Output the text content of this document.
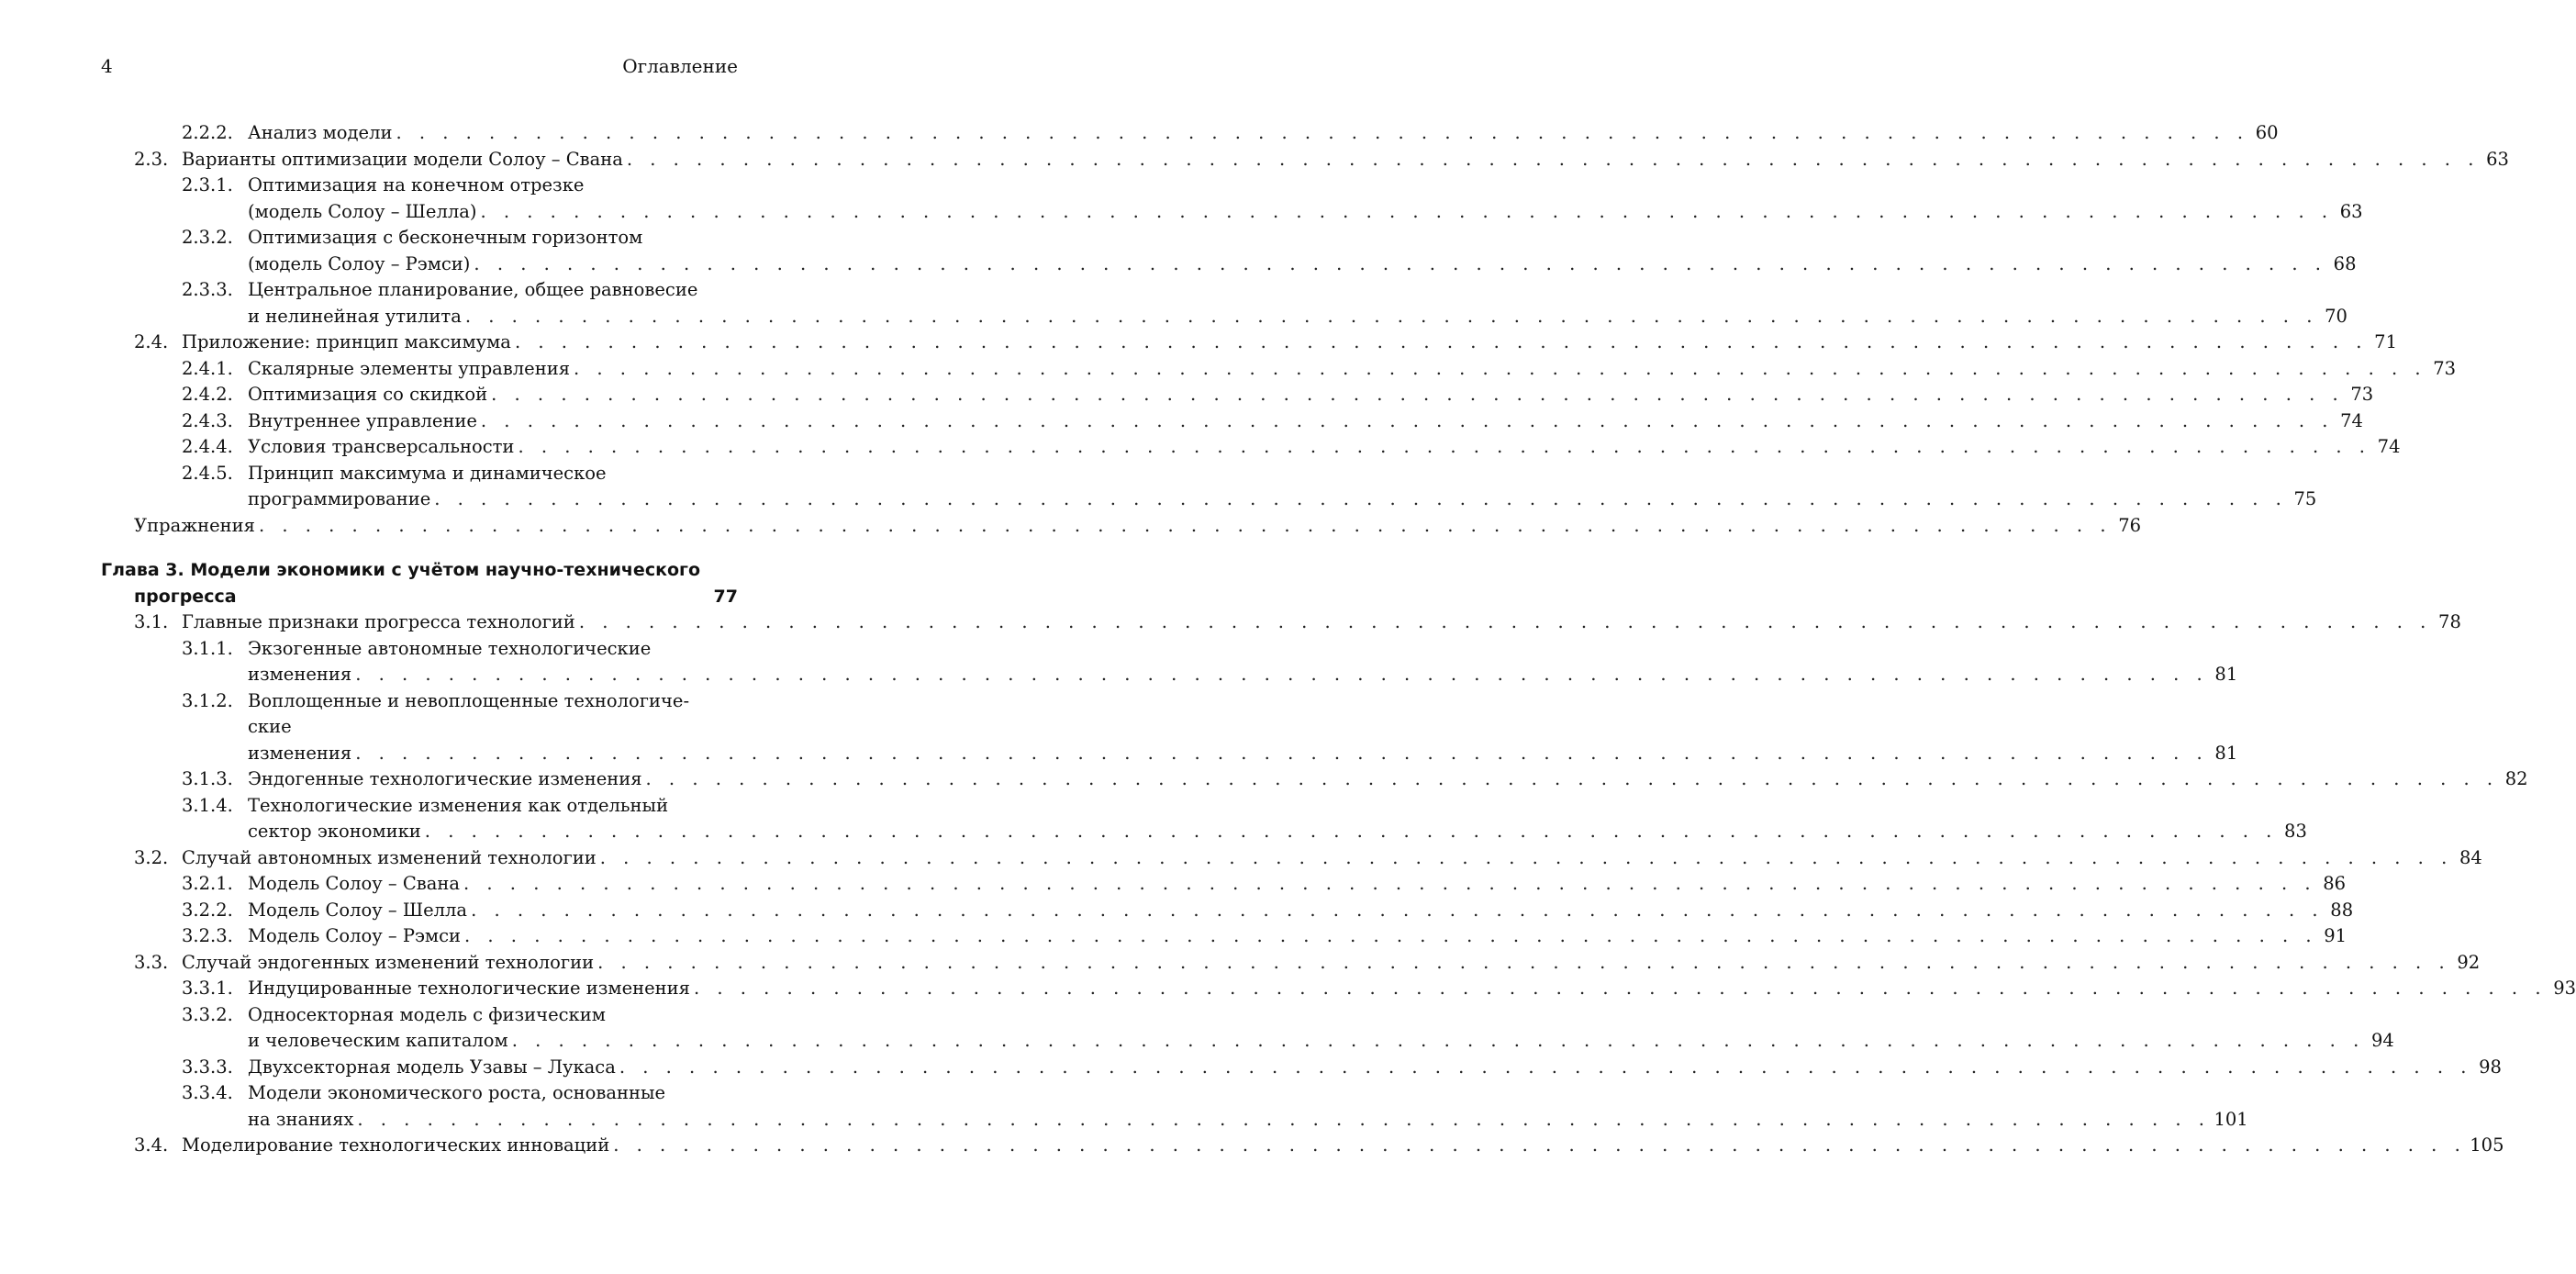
4	Оглавление
2.2.2. Анализ модели . . . . . . . . . . . . . . . . . . . . . . . . . . . . . . . . . . . . . . . . . . . . . . . . . . . . . . . . . . . . . . . . . . . . . . . . . . . . . . . . 60
2.3. Варианты оптимизации модели Солоу – Свана . . . . . . . . . . . . . . . . . . . . . . . . . . . . . . . . . . . . . . . . . . . . . . . . . . . . . . . . . . . . . . . . . . . . . . . . . . . . . . . . 63
2.3.1. Оптимизация на конечном отрезке
(модель Солоу – Шелла) . . . . . . . . . . . . . . . . . . . . . . . . . . . . . . . . . . . . . . . . . . . . . . . . . . . . . . . . . . . . . . . . . . . . . . . . . . . . . . . . 63
2.3.2. Оптимизация с бесконечным горизонтом
(модель Солоу – Рэмси) . . . . . . . . . . . . . . . . . . . . . . . . . . . . . . . . . . . . . . . . . . . . . . . . . . . . . . . . . . . . . . . . . . . . . . . . . . . . . . . . 68
2.3.3. Центральное планирование, общее равновесие
и нелинейная утилита . . . . . . . . . . . . . . . . . . . . . . . . . . . . . . . . . . . . . . . . . . . . . . . . . . . . . . . . . . . . . . . . . . . . . . . . . . . . . . . . 70
2.4. Приложение: принцип максимума . . . . . . . . . . . . . . . . . . . . . . . . . . . . . . . . . . . . . . . . . . . . . . . . . . . . . . . . . . . . . . . . . . . . . . . . . . . . . . . . 71
2.4.1. Скалярные элементы управления . . . . . . . . . . . . . . . . . . . . . . . . . . . . . . . . . . . . . . . . . . . . . . . . . . . . . . . . . . . . . . . . . . . . . . . . . . . . . . . . 73
2.4.2. Оптимизация со скидкой . . . . . . . . . . . . . . . . . . . . . . . . . . . . . . . . . . . . . . . . . . . . . . . . . . . . . . . . . . . . . . . . . . . . . . . . . . . . . . . . 73
2.4.3. Внутреннее управление . . . . . . . . . . . . . . . . . . . . . . . . . . . . . . . . . . . . . . . . . . . . . . . . . . . . . . . . . . . . . . . . . . . . . . . . . . . . . . . . 74
2.4.4. Условия трансверсальности . . . . . . . . . . . . . . . . . . . . . . . . . . . . . . . . . . . . . . . . . . . . . . . . . . . . . . . . . . . . . . . . . . . . . . . . . . . . . . . . 74
2.4.5. Принцип максимума и динамическое
программирование . . . . . . . . . . . . . . . . . . . . . . . . . . . . . . . . . . . . . . . . . . . . . . . . . . . . . . . . . . . . . . . . . . . . . . . . . . . . . . . . 75
Упражнения . . . . . . . . . . . . . . . . . . . . . . . . . . . . . . . . . . . . . . . . . . . . . . . . . . . . . . . . . . . . . . . . . . . . . . . . . . . . . . . . 76
Глава 3. Модели экономики с учётом научно-технического
прогресса	77
3.1. Главные признаки прогресса технологий . . . . . . . . . . . . . . . . . . . . . . . . . . . . . . . . . . . . . . . . . . . . . . . . . . . . . . . . . . . . . . . . . . . . . . . . . . . . . . . . 78
3.1.1. Экзогенные автономные технологические
изменения . . . . . . . . . . . . . . . . . . . . . . . . . . . . . . . . . . . . . . . . . . . . . . . . . . . . . . . . . . . . . . . . . . . . . . . . . . . . . . . . 81
3.1.2. Воплощенные и невоплощенные технологиче-
ские
изменения . . . . . . . . . . . . . . . . . . . . . . . . . . . . . . . . . . . . . . . . . . . . . . . . . . . . . . . . . . . . . . . . . . . . . . . . . . . . . . . . 81
3.1.3. Эндогенные технологические изменения . . . . . . . . . . . . . . . . . . . . . . . . . . . . . . . . . . . . . . . . . . . . . . . . . . . . . . . . . . . . . . . . . . . . . . . . . . . . . . . . 82
3.1.4. Технологические изменения как отдельный
сектор экономики . . . . . . . . . . . . . . . . . . . . . . . . . . . . . . . . . . . . . . . . . . . . . . . . . . . . . . . . . . . . . . . . . . . . . . . . . . . . . . . . 83
3.2. Случай автономных изменений технологии . . . . . . . . . . . . . . . . . . . . . . . . . . . . . . . . . . . . . . . . . . . . . . . . . . . . . . . . . . . . . . . . . . . . . . . . . . . . . . . . 84
3.2.1. Модель Солоу – Свана . . . . . . . . . . . . . . . . . . . . . . . . . . . . . . . . . . . . . . . . . . . . . . . . . . . . . . . . . . . . . . . . . . . . . . . . . . . . . . . . 86
3.2.2. Модель Солоу – Шелла . . . . . . . . . . . . . . . . . . . . . . . . . . . . . . . . . . . . . . . . . . . . . . . . . . . . . . . . . . . . . . . . . . . . . . . . . . . . . . . . 88
3.2.3. Модель Солоу – Рэмси . . . . . . . . . . . . . . . . . . . . . . . . . . . . . . . . . . . . . . . . . . . . . . . . . . . . . . . . . . . . . . . . . . . . . . . . . . . . . . . . 91
3.3. Случай эндогенных изменений технологии . . . . . . . . . . . . . . . . . . . . . . . . . . . . . . . . . . . . . . . . . . . . . . . . . . . . . . . . . . . . . . . . . . . . . . . . . . . . . . . . 92
3.3.1. Индуцированные технологические изменения . . . . . . . . . . . . . . . . . . . . . . . . . . . . . . . . . . . . . . . . . . . . . . . . . . . . . . . . . . . . . . . . . . . . . . . . . . . . . . . . 93
3.3.2. Односекторная модель с физическим
и человеческим капиталом . . . . . . . . . . . . . . . . . . . . . . . . . . . . . . . . . . . . . . . . . . . . . . . . . . . . . . . . . . . . . . . . . . . . . . . . . . . . . . . . 94
3.3.3. Двухсекторная модель Узавы – Лукаса . . . . . . . . . . . . . . . . . . . . . . . . . . . . . . . . . . . . . . . . . . . . . . . . . . . . . . . . . . . . . . . . . . . . . . . . . . . . . . . . 98
3.3.4. Модели экономического роста, основанные
на знаниях . . . . . . . . . . . . . . . . . . . . . . . . . . . . . . . . . . . . . . . . . . . . . . . . . . . . . . . . . . . . . . . . . . . . . . . . . . . . . . . . 101
3.4. Моделирование технологических инноваций . . . . . . . . . . . . . . . . . . . . . . . . . . . . . . . . . . . . . . . . . . . . . . . . . . . . . . . . . . . . . . . . . . . . . . . . . . . . . . . . 105
